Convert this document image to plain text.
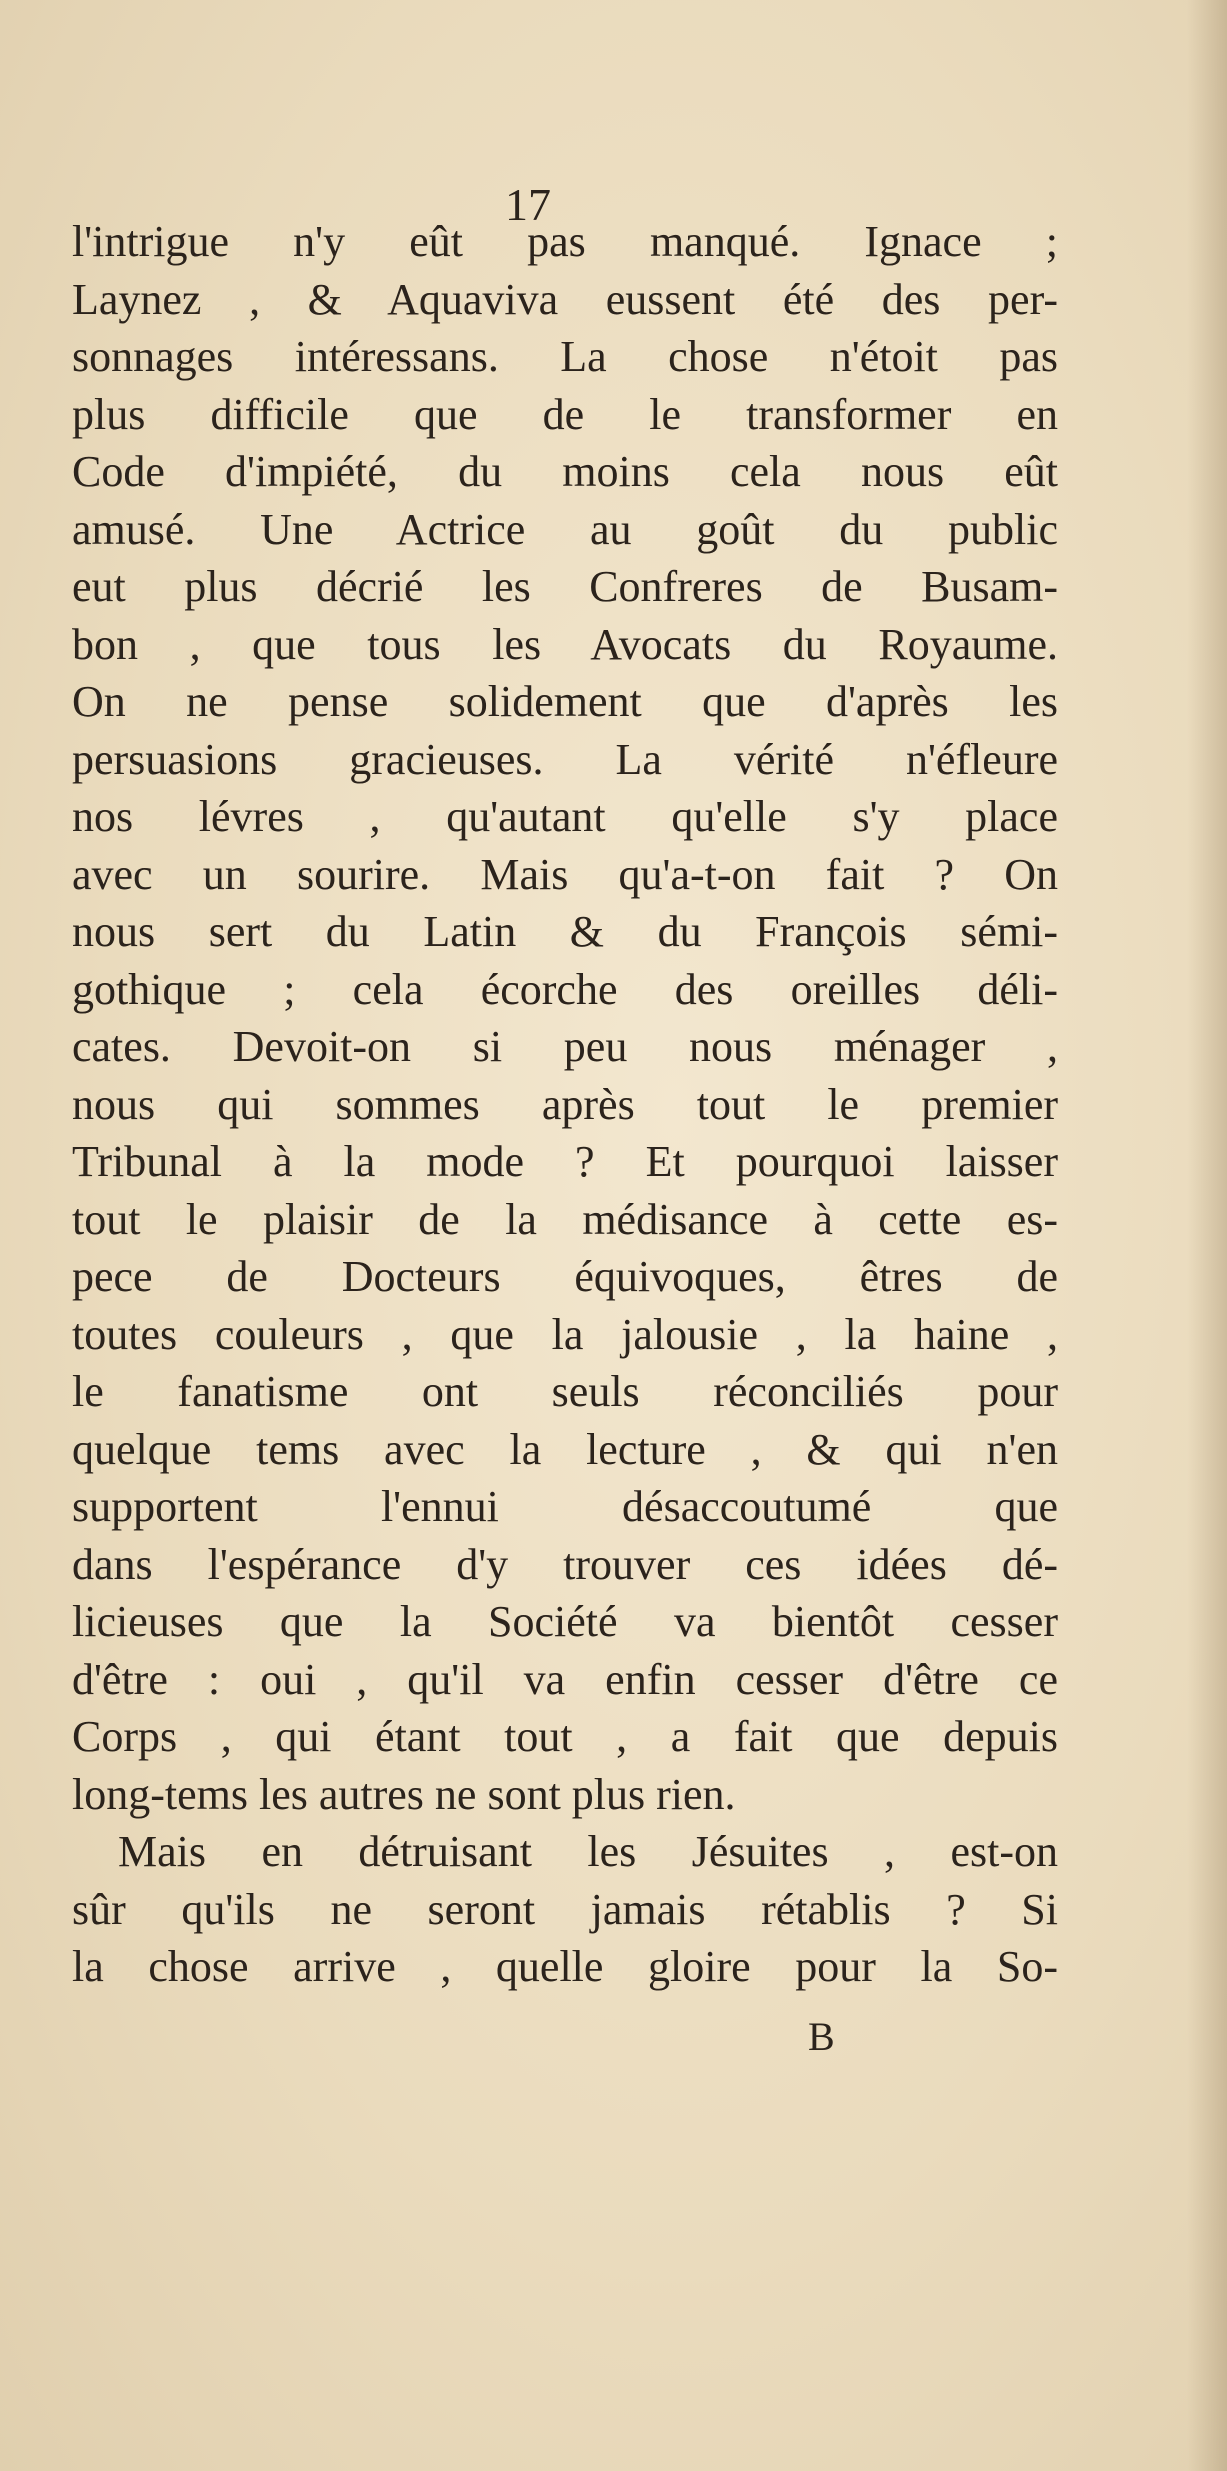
17
l'intrigue n'y eût pas manqué. Ignace ;
Laynez , & Aquaviva eussent été des per-
sonnages intéressans. La chose n'étoit pas
plus difficile que de le transformer en
Code d'impiété, du moins cela nous eût
amusé. Une Actrice au goût du public
eut plus décrié les Confreres de Busam-
bon , que tous les Avocats du Royaume.
On ne pense solidement que d'après les
persuasions gracieuses. La vérité n'éfleure
nos lévres , qu'autant qu'elle s'y place
avec un sourire. Mais qu'a-t-on fait ? On
nous sert du Latin & du François sémi-
gothique ; cela écorche des oreilles déli-
cates. Devoit-on si peu nous ménager ,
nous qui sommes après tout le premier
Tribunal à la mode ? Et pourquoi laisser
tout le plaisir de la médisance à cette es-
pece de Docteurs équivoques, êtres de
toutes couleurs , que la jalousie , la haine ,
le fanatisme ont seuls réconciliés pour
quelque tems avec la lecture , & qui n'en
supportent l'ennui désaccoutumé que
dans l'espérance d'y trouver ces idées dé-
licieuses que la Société va bientôt cesser
d'être : oui , qu'il va enfin cesser d'être ce
Corps , qui étant tout , a fait que depuis
long-tems les autres ne sont plus rien.
Mais en détruisant les Jésuites , est-on
sûr qu'ils ne seront jamais rétablis ? Si
la chose arrive , quelle gloire pour la So-
B
